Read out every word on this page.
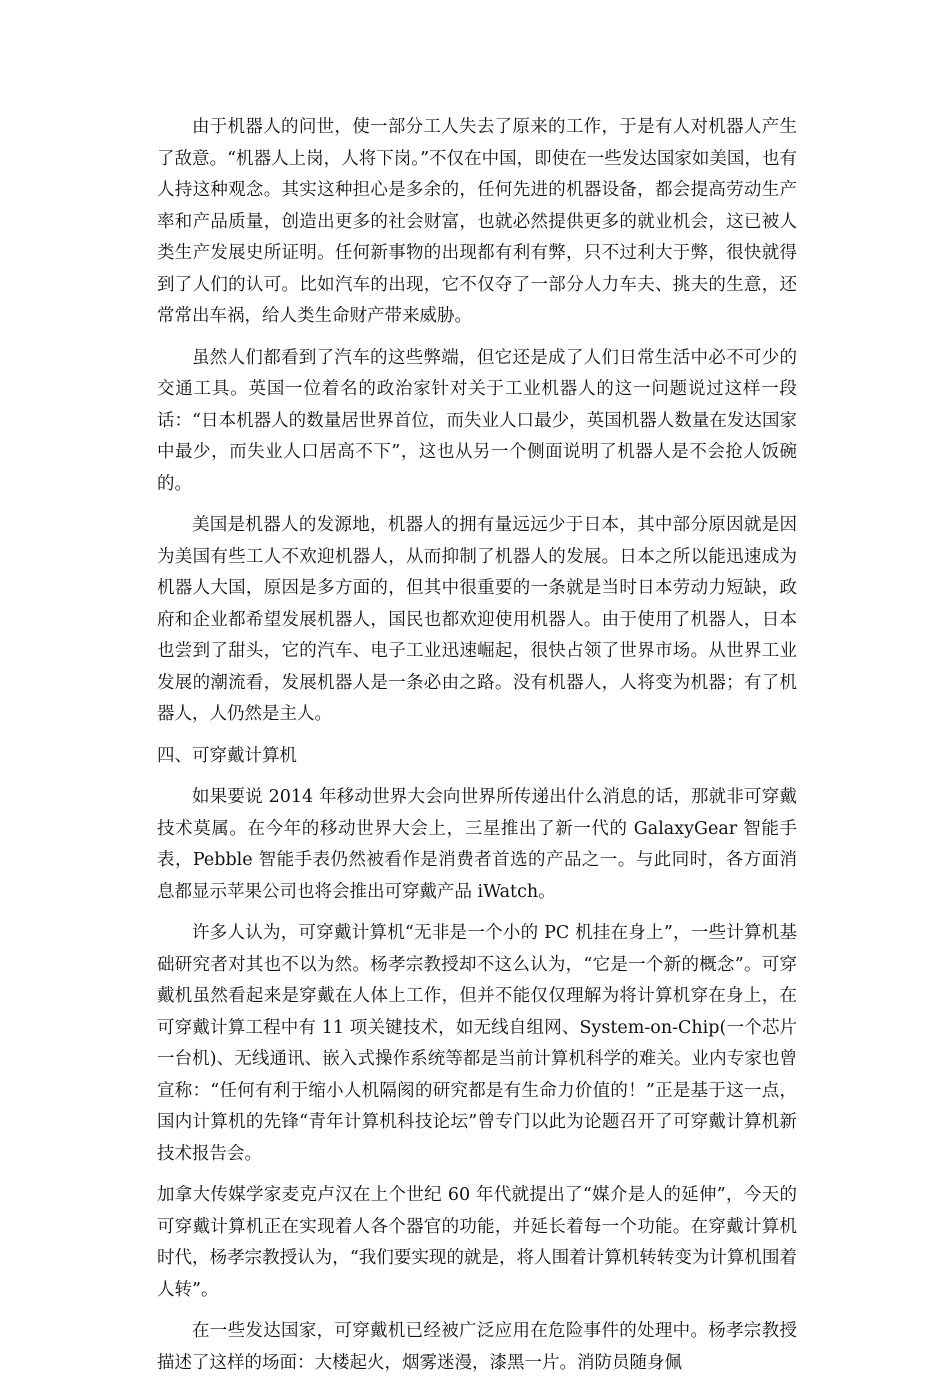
由于机器人的问世，使一部分工人失去了原来的工作，于是有人对机器人产生了敌意。“机器人上岗，人将下岗。”不仅在中国，即使在一些发达国家如美国，也有人持这种观念。其实这种担心是多余的，任何先进的机器设备，都会提高劳动生产率和产品质量，创造出更多的社会财富，也就必然提供更多的就业机会，这已被人类生产发展史所证明。任何新事物的出现都有利有弊，只不过利大于弊，很快就得到了人们的认可。比如汽车的出现，它不仅夺了一部分人力车夫、挑夫的生意，还常常出车祸，给人类生命财产带来威胁。

虽然人们都看到了汽车的这些弊端，但它还是成了人们日常生活中必不可少的交通工具。英国一位着名的政治家针对关于工业机器人的这一问题说过这样一段话：“日本机器人的数量居世界首位，而失业人口最少，英国机器人数量在发达国家中最少，而失业人口居高不下”，这也从另一个侧面说明了机器人是不会抢人饭碗的。

美国是机器人的发源地，机器人的拥有量远远少于日本，其中部分原因就是因为美国有些工人不欢迎机器人，从而抑制了机器人的发展。日本之所以能迅速成为机器人大国，原因是多方面的，但其中很重要的一条就是当时日本劳动力短缺，政府和企业都希望发展机器人，国民也都欢迎使用机器人。由于使用了机器人，日本也尝到了甜头，它的汽车、电子工业迅速崛起，很快占领了世界市场。从世界工业发展的潮流看，发展机器人是一条必由之路。没有机器人，人将变为机器；有了机器人，人仍然是主人。

四、可穿戴计算机

如果要说 2014 年移动世界大会向世界所传递出什么消息的话，那就非可穿戴技术莫属。在今年的移动世界大会上，三星推出了新一代的 GalaxyGear 智能手表，Pebble 智能手表仍然被看作是消费者首选的产品之一。与此同时，各方面消息都显示苹果公司也将会推出可穿戴产品 iWatch。

许多人认为，可穿戴计算机“无非是一个小的 PC 机挂在身上”，一些计算机基础研究者对其也不以为然。杨孝宗教授却不这么认为，“它是一个新的概念”。可穿戴机虽然看起来是穿戴在人体上工作，但并不能仅仅理解为将计算机穿在身上，在可穿戴计算工程中有 11 项关键技术，如无线自组网、System-on-Chip(一个芯片一台机)、无线通讯、嵌入式操作系统等都是当前计算机科学的难关。业内专家也曾宣称：“任何有利于缩小人机隔阂的研究都是有生命力价值的！”正是基于这一点，国内计算机的先锋“青年计算机科技论坛”曾专门以此为论题召开了可穿戴计算机新技术报告会。

加拿大传媒学家麦克卢汉在上个世纪 60 年代就提出了“媒介是人的延伸”，今天的可穿戴计算机正在实现着人各个器官的功能，并延长着每一个功能。在穿戴计算机时代，杨孝宗教授认为，“我们要实现的就是，将人围着计算机转转变为计算机围着人转”。

在一些发达国家，可穿戴机已经被广泛应用在危险事件的处理中。杨孝宗教授描述了这样的场面：大楼起火，烟雾迷漫，漆黑一片。消防员随身佩
